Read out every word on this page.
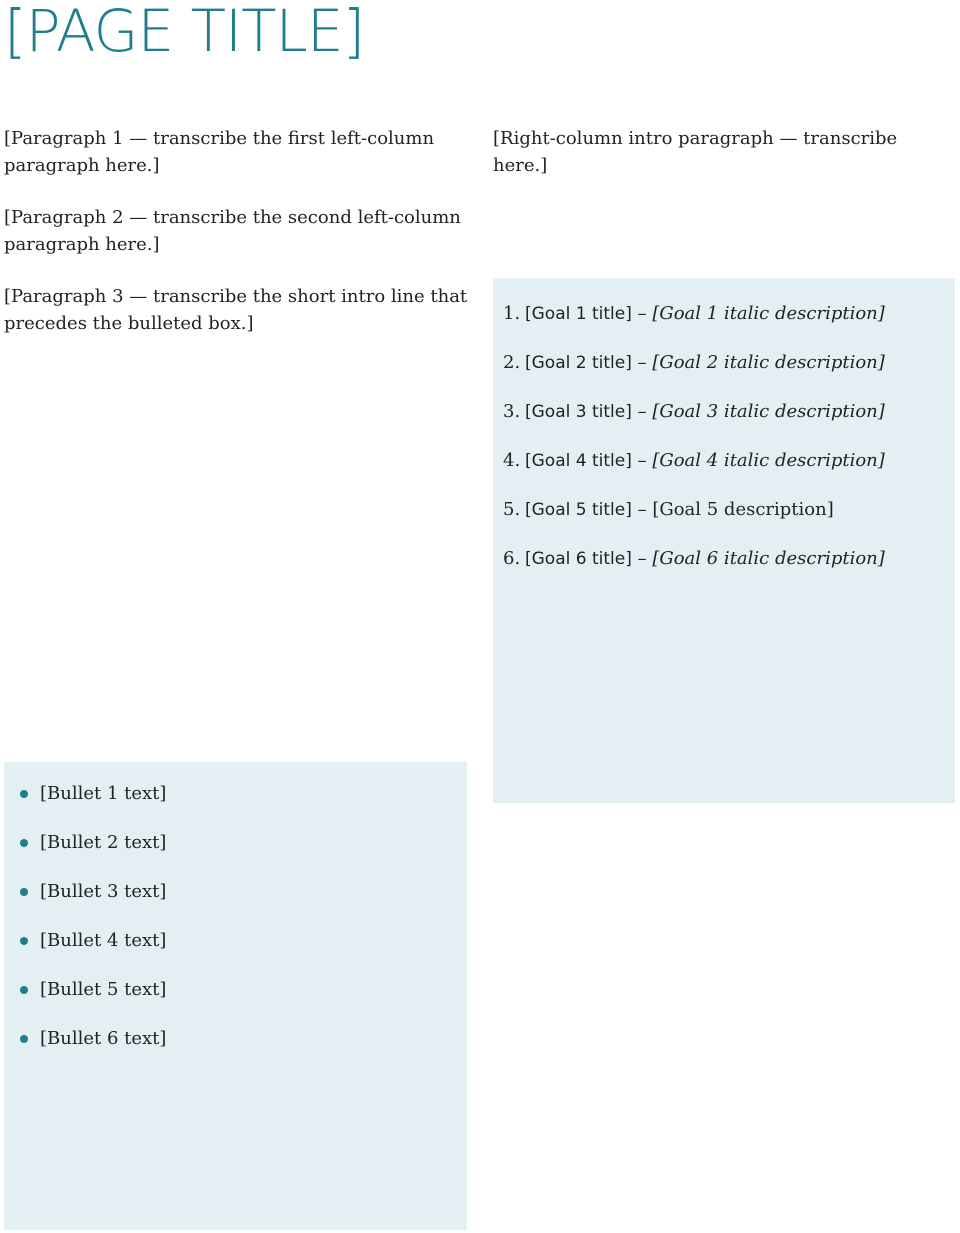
[PAGE TITLE]

[Paragraph 1 — transcribe the first left-column paragraph here.]

[Paragraph 2 — transcribe the second left-column paragraph here.]

[Paragraph 3 — transcribe the short intro line that precedes the bulleted box.]

[Bullet 1 text]
[Bullet 2 text]
[Bullet 3 text]
[Bullet 4 text]
[Bullet 5 text]
[Bullet 6 text]

[Right-column intro paragraph — transcribe here.]

1. [Goal 1 title] – [Goal 1 italic description]
2. [Goal 2 title] – [Goal 2 italic description]
3. [Goal 3 title] – [Goal 3 italic description]
4. [Goal 4 title] – [Goal 4 italic description]
5. [Goal 5 title] – [Goal 5 description]
6. [Goal 6 title] – [Goal 6 italic description]
